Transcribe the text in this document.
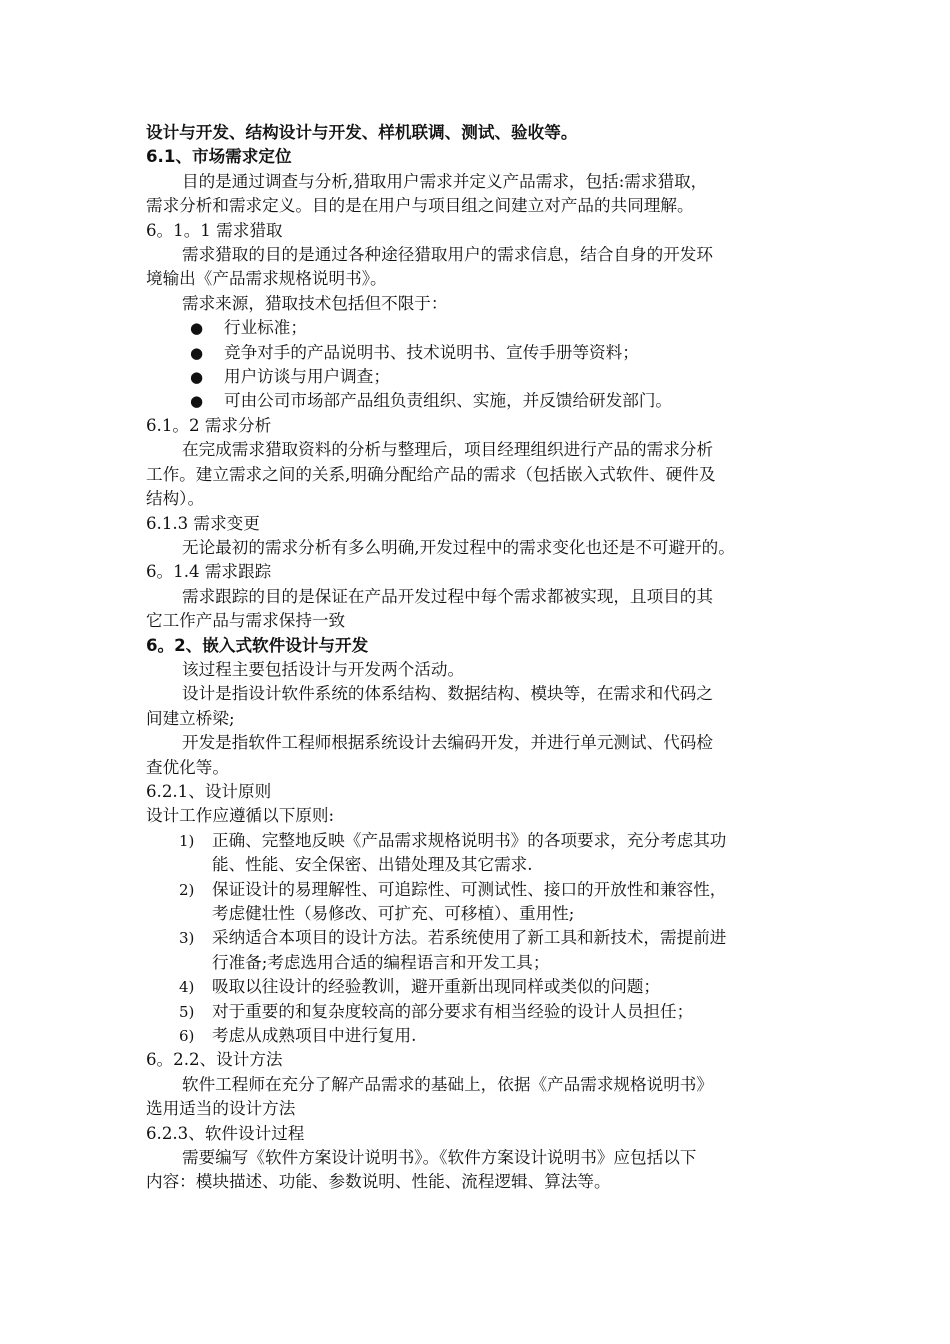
设计与开发、结构设计与开发、样机联调、测试、验收等。
6.1、市场需求定位
目的是通过调查与分析,猎取用户需求并定义产品需求，包括:需求猎取，
需求分析和需求定义。目的是在用户与项目组之间建立对产品的共同理解。
6。1。1 需求猎取
需求猎取的目的是通过各种途径猎取用户的需求信息，结合自身的开发环
境输出《产品需求规格说明书》。
需求来源，猎取技术包括但不限于：
●	行业标准；
●	竞争对手的产品说明书、技术说明书、宣传手册等资料；
●	用户访谈与用户调查；
●	可由公司市场部产品组负责组织、实施，并反馈给研发部门。
6.1。2 需求分析
在完成需求猎取资料的分析与整理后，项目经理组织进行产品的需求分析
工作。建立需求之间的关系,明确分配给产品的需求（包括嵌入式软件、硬件及
结构）。
6.1.3 需求变更
无论最初的需求分析有多么明确,开发过程中的需求变化也还是不可避开的。
6。1.4 需求跟踪
需求跟踪的目的是保证在产品开发过程中每个需求都被实现，且项目的其
它工作产品与需求保持一致
6。2、嵌入式软件设计与开发
该过程主要包括设计与开发两个活动。
设计是指设计软件系统的体系结构、数据结构、模块等，在需求和代码之
间建立桥梁;
开发是指软件工程师根据系统设计去编码开发，并进行单元测试、代码检
查优化等。
6.2.1、设计原则
设计工作应遵循以下原则:
1)	正确、完整地反映《产品需求规格说明书》的各项要求，充分考虑其功
能、性能、安全保密、出错处理及其它需求.
2)	保证设计的易理解性、可追踪性、可测试性、接口的开放性和兼容性，
考虑健壮性（易修改、可扩充、可移植）、重用性;
3)	采纳适合本项目的设计方法。若系统使用了新工具和新技术，需提前进
行准备;考虑选用合适的编程语言和开发工具；
4)	吸取以往设计的经验教训，避开重新出现同样或类似的问题；
5)	对于重要的和复杂度较高的部分要求有相当经验的设计人员担任；
6)	考虑从成熟项目中进行复用.
6。2.2、设计方法
软件工程师在充分了解产品需求的基础上，依据《产品需求规格说明书》
选用适当的设计方法
6.2.3、软件设计过程
需要编写《软件方案设计说明书》。《软件方案设计说明书》应包括以下
内容：模块描述、功能、参数说明、性能、流程逻辑、算法等。
